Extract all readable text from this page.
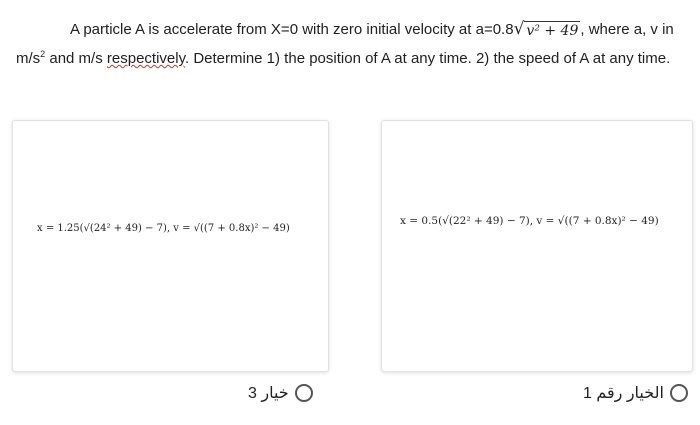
A particle A is accelerate from X=0 with zero initial velocity at a=0.8 √ v² + 49 , where a, v in
$m/s^2$ and m/s respectively. Determine 1) the position of A at any time. 2) the speed of A at any time.
x = 1.25(√(24² + 49) − 7), v = √((7 + 0.8x)² − 49)
x = 0.5(√(22² + 49) − 7), v = √((7 + 0.8x)² − 49)
خيار 3	الخيار رقم 1
